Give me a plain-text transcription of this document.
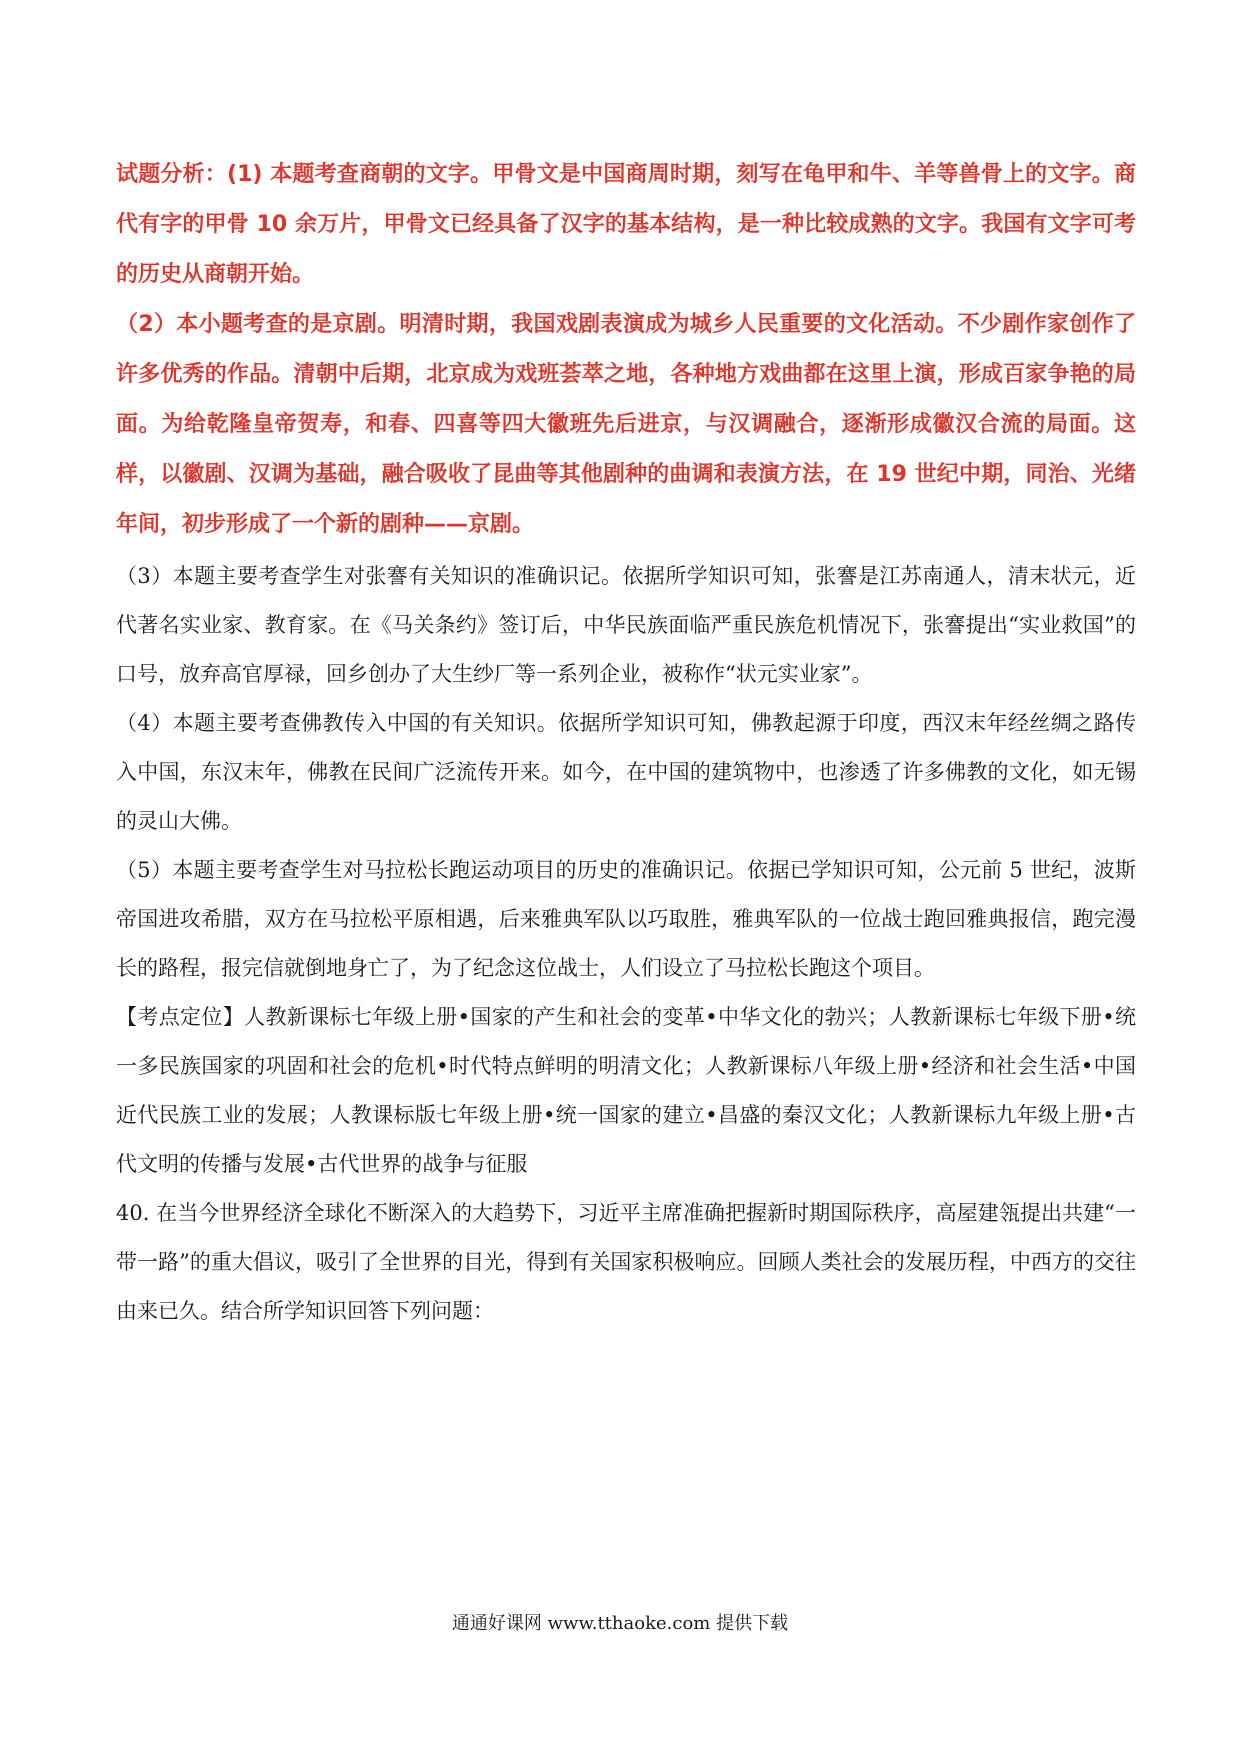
试题分析：(1) 本题考查商朝的文字。甲骨文是中国商周时期，刻写在龟甲和牛、羊等兽骨上的文字。商代有字的甲骨 10 余万片，甲骨文已经具备了汉字的基本结构，是一种比较成熟的文字。我国有文字可考的历史从商朝开始。

（2）本小题考查的是京剧。明清时期，我国戏剧表演成为城乡人民重要的文化活动。不少剧作家创作了许多优秀的作品。清朝中后期，北京成为戏班荟萃之地，各种地方戏曲都在这里上演，形成百家争艳的局面。为给乾隆皇帝贺寿，和春、四喜等四大徽班先后进京，与汉调融合，逐渐形成徽汉合流的局面。这样，以徽剧、汉调为基础，融合吸收了昆曲等其他剧种的曲调和表演方法，在 19 世纪中期，同治、光绪年间，初步形成了一个新的剧种——京剧。

（3）本题主要考查学生对张謇有关知识的准确识记。依据所学知识可知，张謇是江苏南通人，清末状元，近代著名实业家、教育家。在《马关条约》签订后，中华民族面临严重民族危机情况下，张謇提出“实业救国”的口号，放弃高官厚禄，回乡创办了大生纱厂等一系列企业，被称作“状元实业家”。

（4）本题主要考查佛教传入中国的有关知识。依据所学知识可知，佛教起源于印度，西汉末年经丝绸之路传入中国，东汉末年，佛教在民间广泛流传开来。如今，在中国的建筑物中，也渗透了许多佛教的文化，如无锡的灵山大佛。

（5）本题主要考查学生对马拉松长跑运动项目的历史的准确识记。依据已学知识可知，公元前 5 世纪，波斯帝国进攻希腊，双方在马拉松平原相遇，后来雅典军队以巧取胜，雅典军队的一位战士跑回雅典报信，跑完漫长的路程，报完信就倒地身亡了，为了纪念这位战士，人们设立了马拉松长跑这个项目。

【考点定位】人教新课标七年级上册•国家的产生和社会的变革•中华文化的勃兴；人教新课标七年级下册•统一多民族国家的巩固和社会的危机•时代特点鲜明的明清文化；人教新课标八年级上册•经济和社会生活•中国近代民族工业的发展；人教课标版七年级上册•统一国家的建立•昌盛的秦汉文化；人教新课标九年级上册•古代文明的传播与发展•古代世界的战争与征服

40. 在当今世界经济全球化不断深入的大趋势下，习近平主席准确把握新时期国际秩序，高屋建瓴提出共建“一带一路”的重大倡议，吸引了全世界的目光，得到有关国家积极响应。回顾人类社会的发展历程，中西方的交往由来已久。结合所学知识回答下列问题：

通通好课网 www.tthaoke.com 提供下载
